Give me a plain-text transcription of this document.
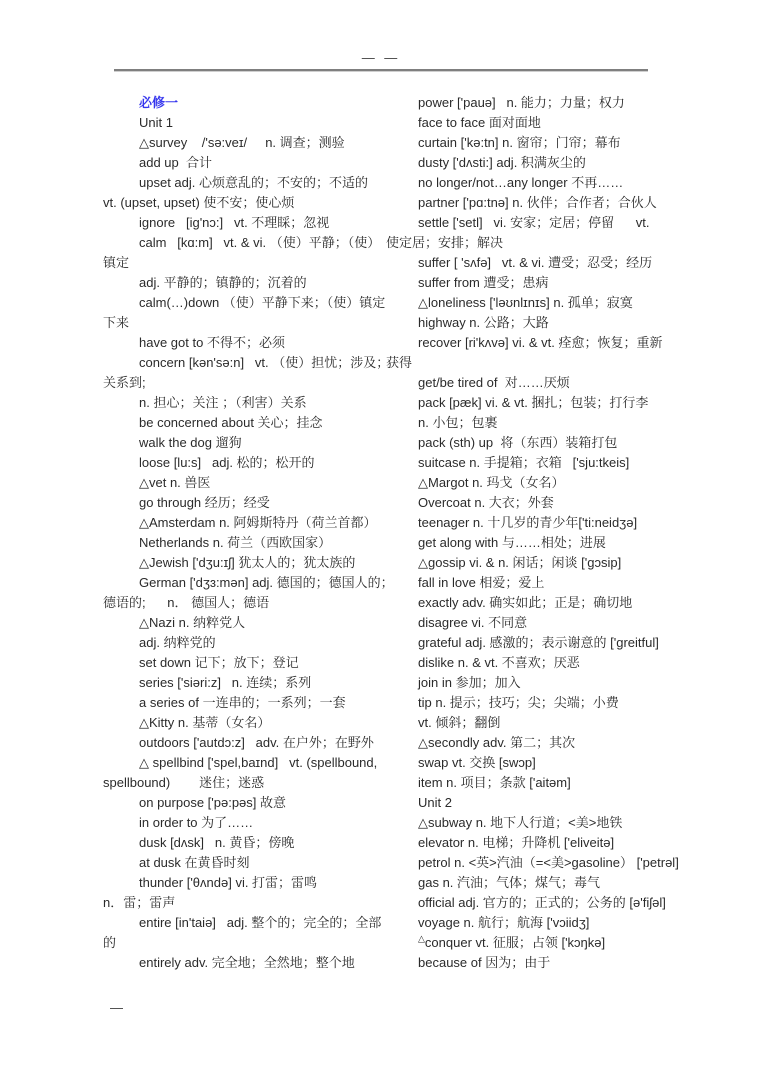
— —
必修一
Unit 1
△survey    /'sə:veɪ/     n. 调查；测验
add up  合计
upset adj. 心烦意乱的；不安的；不适的
vt. (upset, upset) 使不安；使心烦
ignore   [ig'nɔ:]   vt. 不理睬；忽视
calm   [kɑ:m]   vt. & vi. （使）平静；（使）
镇定
adj. 平静的；镇静的；沉着的
calm(…)down （使）平静下来；（使）镇定
下来
have got to 不得不；必须
concern [kən'sə:n]   vt. （使）担忧；涉及；
关系到;
n. 担心；关注 ；（利害）关系
be concerned about 关心；挂念
walk the dog 遛狗
loose [lu:s]   adj. 松的；松开的
△vet n. 兽医
go through 经历；经受
△Amsterdam n. 阿姆斯特丹（荷兰首都）
Netherlands n. 荷兰（西欧国家）
△Jewish ['dʒu:ɪʃ] 犹太人的；犹太族的
German ['dʒɜ:mən] adj. 德国的；德国人的；
德语的;      n． 德国人；德语
△Nazi n. 纳粹党人
adj. 纳粹党的
set down 记下；放下；登记
series ['siəri:z]   n. 连续；系列
a series of 一连串的；一系列；一套
△Kitty n. 基蒂（女名）
outdoors ['autdɔ:z]   adv. 在户外；在野外
△ spellbind ['spel,baɪnd]   vt. (spellbound,
spellbound)        迷住；迷惑
on purpose ['pə:pəs] 故意
in order to 为了……
dusk [dʌsk]   n. 黄昏；傍晚
at dusk 在黄昏时刻
thunder ['θʌndə] vi. 打雷；雷鸣
n．雷；雷声
entire [in'taiə]   adj. 整个的；完全的；全部
的
entirely adv. 完全地；全然地；整个地
power ['pauə]   n. 能力；力量；权力
face to face 面对面地
curtain ['kə:tn] n. 窗帘；门帘；幕布
dusty ['dʌsti:] adj. 积满灰尘的
no longer/not…any longer 不再……
partner ['pɑ:tnə] n. 伙伴；合作者；合伙人
settle ['setl]   vi. 安家；定居；停留      vt.
使定居；安排；解决
suffer [ 'sʌfə]   vt. & vi. 遭受；忍受；经历
suffer from 遭受；患病
△loneliness ['ləʊnlɪnɪs] n. 孤单；寂寞
highway n. 公路；大路
recover [ri'kʌvə] vi. & vt. 痊愈；恢复；重新
获得
get/be tired of  对……厌烦
pack [pæk] vi. & vt. 捆扎；包装；打行李
n. 小包；包裹
pack (sth) up  将（东西）装箱打包
suitcase n. 手提箱；衣箱   ['sju:tkeis]
△Margot n. 玛戈（女名）
Overcoat n. 大衣；外套
teenager n. 十几岁的青少年['ti:neidʒə]
get along with 与……相处；进展
△gossip vi. & n. 闲话；闲谈 ['gɔsip]
fall in love 相爱；爱上
exactly adv. 确实如此；正是；确切地
disagree vi. 不同意
grateful adj. 感激的；表示谢意的 ['greitful]
dislike n. & vt. 不喜欢；厌恶
join in 参加；加入
tip n. 提示；技巧；尖；尖端；小费
vt. 倾斜；翻倒
△secondly adv. 第二；其次
swap vt. 交换 [swɔp]
item n. 项目；条款 ['aitəm]
Unit 2
△subway n. 地下人行道；<美>地铁
elevator n. 电梯；升降机 ['eliveitə]
petrol n. <英>汽油（=<美>gasoline） ['petrəl]
gas n. 汽油；气体；煤气；毒气
official adj. 官方的；正式的；公务的 [ə'fiʃəl]
voyage n. 航行；航海 ['vɔiidʒ]
△conquer vt. 征服；占领 ['kɔŋkə]
because of 因为；由于
—
